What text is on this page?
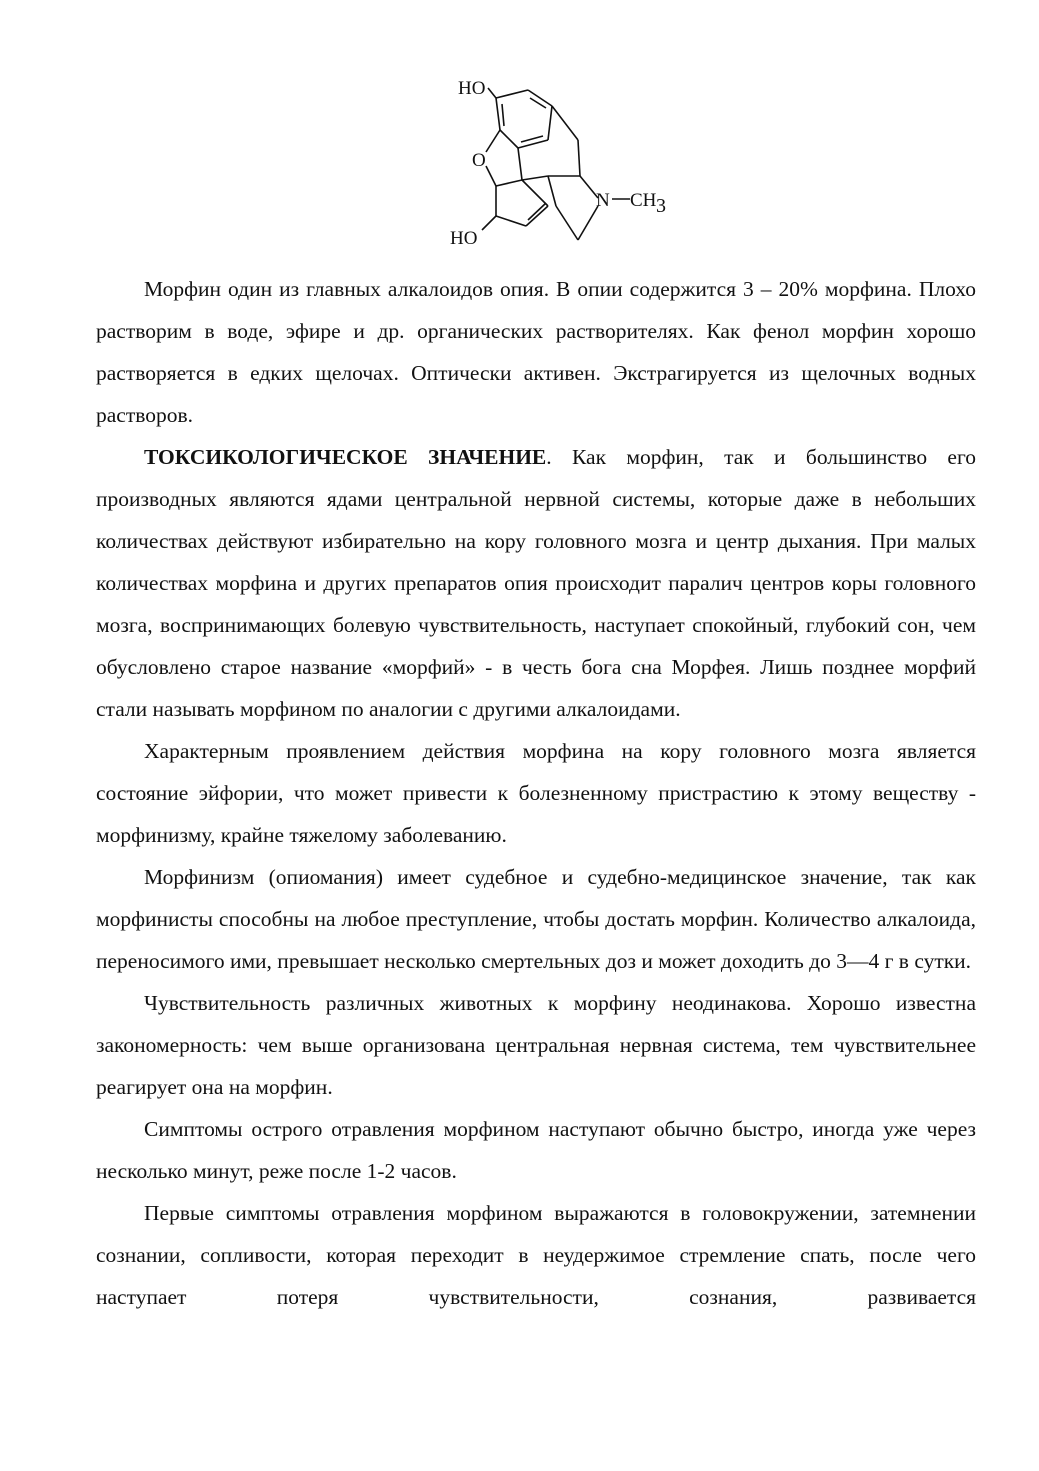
HO
O
N CH 3
HO

Морфин один из главных алкалоидов опия. В опии содержится 3 – 20% морфина. Плохо растворим в воде, эфире и др. органических растворителях. Как фенол морфин хорошо растворяется в едких щелочах. Оптически активен. Экстрагируется из щелочных водных растворов.

ТОКСИКОЛОГИЧЕСКОЕ ЗНАЧЕНИЕ. Как морфин, так и большинство его производных являются ядами центральной нервной системы, которые даже в небольших количествах действуют избирательно на кору головного мозга и центр дыхания. При малых количествах морфина и других препаратов опия происходит паралич центров коры головного мозга, воспринимающих болевую чувствительность, наступает спокойный, глубокий сон, чем обусловлено старое название «морфий» - в честь бога сна Морфея. Лишь позднее морфий стали называть морфином по аналогии с другими алкалоидами.

Характерным проявлением действия морфина на кору головного мозга является состояние эйфории, что может привести к болезненному пристрастию к этому веществу - морфинизму, крайне тяжелому заболеванию.

Морфинизм (опиомания) имеет судебное и судебно-медицинское значение, так как морфинисты способны на любое преступление, чтобы достать морфин. Количество алкалоида, переносимого ими, превышает несколько смертельных доз и может доходить до 3—4 г в сутки.

Чувствительность различных животных к морфину неодинакова. Хорошо известна закономерность: чем выше организована центральная нервная система, тем чувствительнее реагирует она на морфин.

Симптомы острого отравления морфином наступают обычно быстро, иногда уже через несколько минут, реже после 1-2 часов.

Первые симптомы отравления морфином выражаются в головокружении, затемнении сознании, сопливости, которая переходит в неудержимое стремление спать, после чего наступает потеря чувствительности, сознания, развивается
